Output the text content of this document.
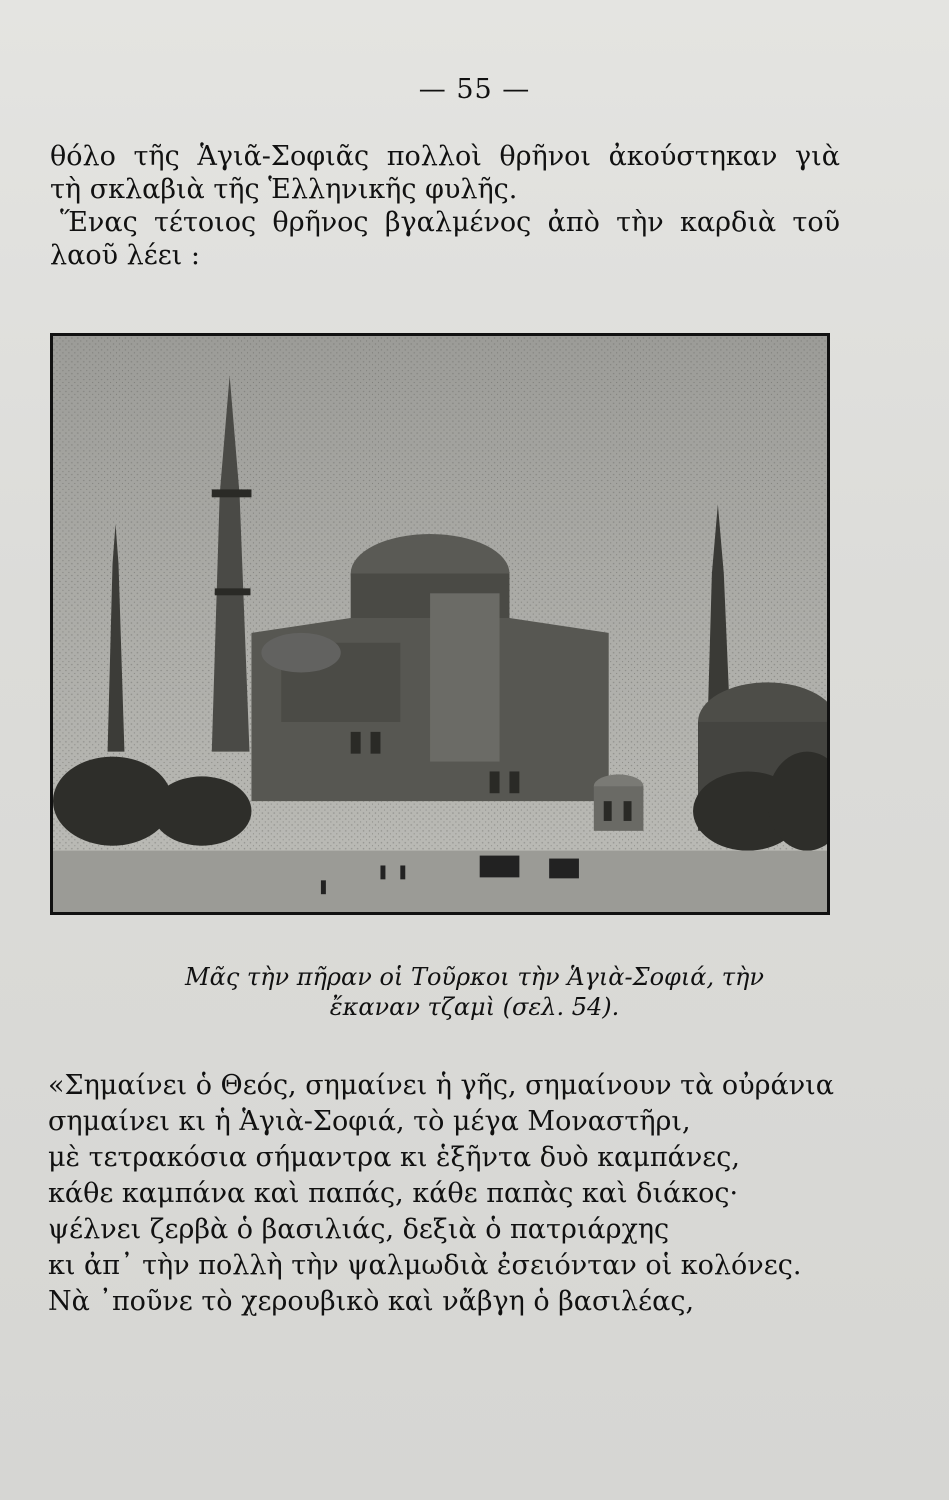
— 55 —
θόλο τῆς Ἁγιᾶ-Σοφιᾶς πολλοὶ θρῆνοι ἀκούστηκαν γιὰ
τὴ σκλαβιὰ τῆς Ἑλληνικῆς φυλῆς.
Ἕνας τέτοιος θρῆνος βγαλμένος ἀπὸ τὴν καρδιὰ τοῦ
λαοῦ λέει :
Μᾶς τὴν πῆραν οἱ Τοῦρκοι τὴν Ἁγιὰ-Σοφιά, τὴν
ἔκαναν τζαμὶ (σελ. 54).
«Σημαίνει ὁ Θεός, σημαίνει ἡ γῆς, σημαίνουν τὰ οὐράνια
σημαίνει κι ἡ Ἁγιὰ-Σοφιά, τὸ μέγα Μοναστῆρι,
μὲ τετρακόσια σήμαντρα κι ἑξῆντα δυὸ καμπάνες,
κάθε καμπάνα καὶ παπάς, κάθε παπὰς καὶ διάκος·
ψέλνει ζερβὰ ὁ βασιλιάς, δεξιὰ ὁ πατριάρχης
κι ἀπ᾽ τὴν πολλὴ τὴν ψαλμωδιὰ ἐσειόνταν οἱ κολόνες.
Νὰ ᾽πoῦνε τὸ χερουβικὸ καὶ νἄβγη ὁ βασιλέας,
